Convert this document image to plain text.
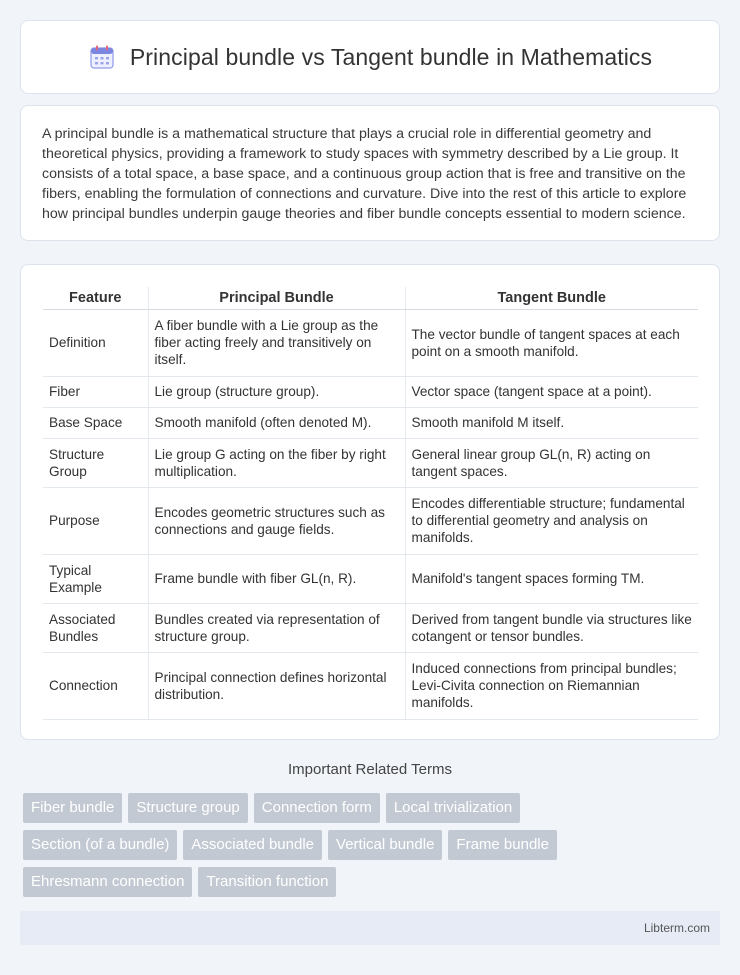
Principal bundle vs Tangent bundle in Mathematics

A principal bundle is a mathematical structure that plays a crucial role in differential geometry and theoretical physics, providing a framework to study spaces with symmetry described by a Lie group. It consists of a total space, a base space, and a continuous group action that is free and transitive on the fibers, enabling the formulation of connections and curvature. Dive into the rest of this article to explore how principal bundles underpin gauge theories and fiber bundle concepts essential to modern science.

Feature	Principal Bundle	Tangent Bundle
Definition	A fiber bundle with a Lie group as the fiber acting freely and transitively on itself.	The vector bundle of tangent spaces at each point on a smooth manifold.
Fiber	Lie group (structure group).	Vector space (tangent space at a point).
Base Space	Smooth manifold (often denoted M).	Smooth manifold M itself.
Structure Group	Lie group G acting on the fiber by right multiplication.	General linear group GL(n, R) acting on tangent spaces.
Purpose	Encodes geometric structures such as connections and gauge fields.	Encodes differentiable structure; fundamental to differential geometry and analysis on manifolds.
Typical Example	Frame bundle with fiber GL(n, R).	Manifold's tangent spaces forming TM.
Associated Bundles	Bundles created via representation of structure group.	Derived from tangent bundle via structures like cotangent or tensor bundles.
Connection	Principal connection defines horizontal distribution.	Induced connections from principal bundles; Levi-Civita connection on Riemannian manifolds.
Important Related Terms
Fiber bundle	Structure group	Connection form	Local trivialization
Section (of a bundle)	Associated bundle	Vertical bundle	Frame bundle
Ehresmann connection	Transition function
Libterm.com
